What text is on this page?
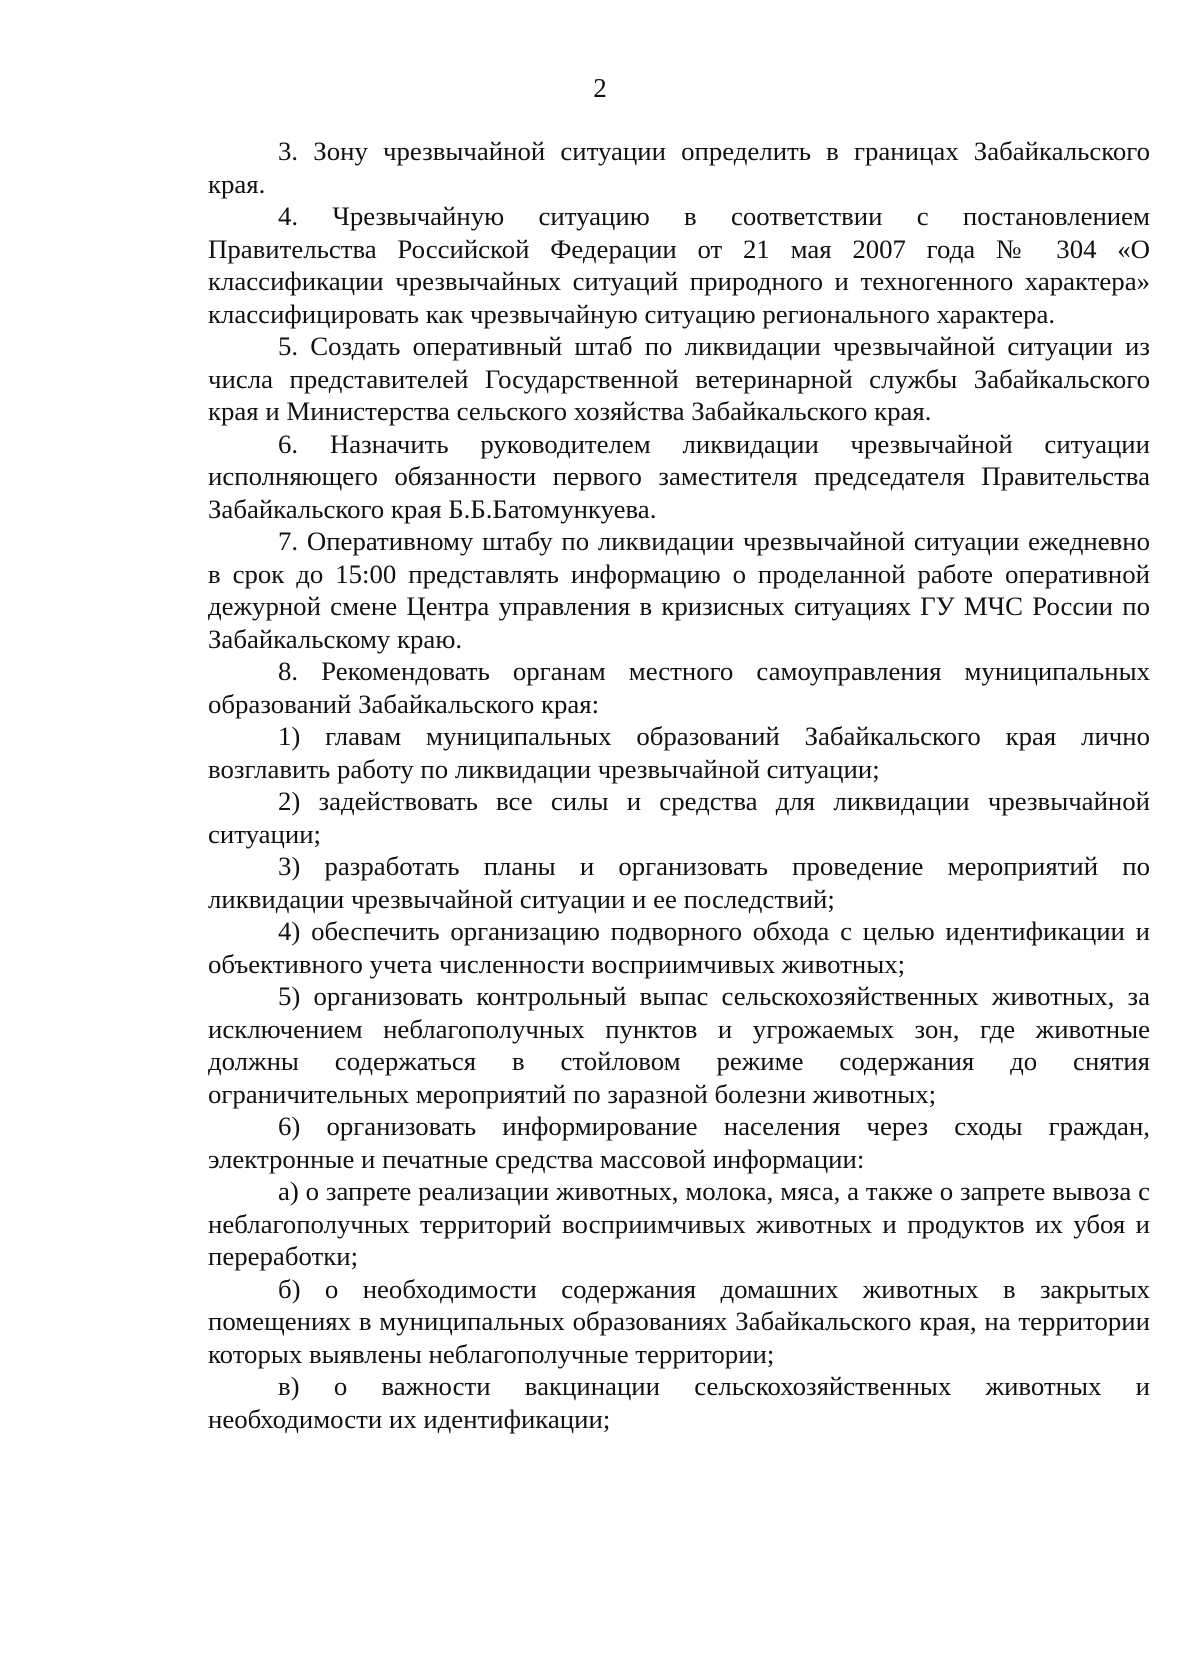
2

3. Зону чрезвычайной ситуации определить в границах Забайкальского края.

4. Чрезвычайную ситуацию в соответствии с постановлением Правительства Российской Федерации от 21 мая 2007 года № 304 «О классификации чрезвычайных ситуаций природного и техногенного характера» классифицировать как чрезвычайную ситуацию регионального характера.

5. Создать оперативный штаб по ликвидации чрезвычайной ситуации из числа представителей Государственной ветеринарной службы Забайкальского края и Министерства сельского хозяйства Забайкальского края.

6. Назначить руководителем ликвидации чрезвычайной ситуации исполняющего обязанности первого заместителя председателя Правительства Забайкальского края Б.Б.Батомункуева.

7. Оперативному штабу по ликвидации чрезвычайной ситуации ежедневно в срок до 15:00 представлять информацию о проделанной работе оперативной дежурной смене Центра управления в кризисных ситуациях ГУ МЧС России по Забайкальскому краю.

8. Рекомендовать органам местного самоуправления муниципальных образований Забайкальского края:

1) главам муниципальных образований Забайкальского края лично возглавить работу по ликвидации чрезвычайной ситуации;

2) задействовать все силы и средства для ликвидации чрезвычайной ситуации;

3) разработать планы и организовать проведение мероприятий по ликвидации чрезвычайной ситуации и ее последствий;

4) обеспечить организацию подворного обхода с целью идентификации и объективного учета численности восприимчивых животных;

5) организовать контрольный выпас сельскохозяйственных животных, за исключением неблагополучных пунктов и угрожаемых зон, где животные должны содержаться в стойловом режиме содержания до снятия ограничительных мероприятий по заразной болезни животных;

6) организовать информирование населения через сходы граждан, электронные и печатные средства массовой информации:

а) о запрете реализации животных, молока, мяса, а также о запрете вывоза с неблагополучных территорий восприимчивых животных и продуктов их убоя и переработки;

б) о необходимости содержания домашних животных в закрытых помещениях в муниципальных образованиях Забайкальского края, на территории которых выявлены неблагополучные территории;

в) о важности вакцинации сельскохозяйственных животных и необходимости их идентификации;
